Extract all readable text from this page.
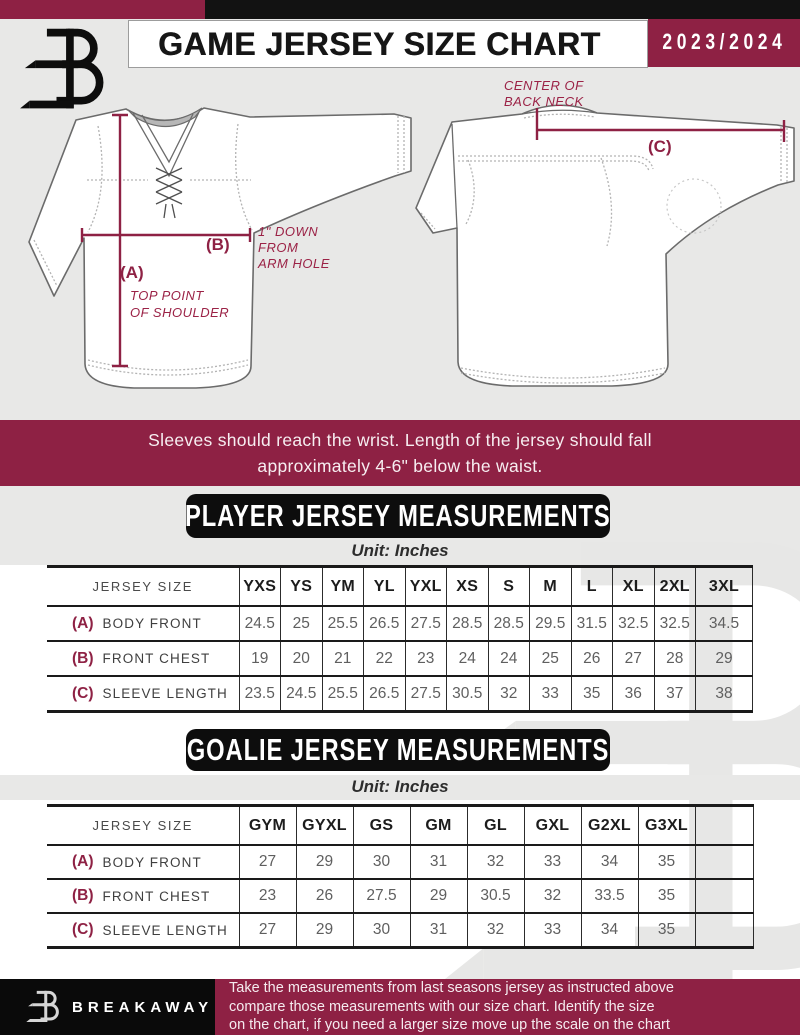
GAME JERSEY SIZE CHART	2023/2024
(B)
1" DOWN
FROM
ARM HOLE
(A)
TOP POINT
OF SHOULDER
(C)
CENTER OF
BACK NECK
Sleeves should reach the wrist. Length of the jersey should fall
approximately 4-6" below the waist.
PLAYER JERSEY MEASUREMENTS
Unit: Inches
JERSEY SIZE	YXS	YS	YM	YL	YXL	XS	S	M	L	XL	2XL	3XL

(A) BODY FRONT	24.5	25	25.5	26.5	27.5	28.5	28.5	29.5	31.5	32.5	32.5	34.5

(B) FRONT CHEST	19	20	21	22	23	24	24	25	26	27	28	29

(C) SLEEVE LENGTH	23.5	24.5	25.5	26.5	27.5	30.5	32	33	35	36	37	38
GOALIE JERSEY MEASUREMENTS
Unit: Inches
JERSEY SIZE	GYM	GYXL	GS	GM	GL	GXL	G2XL	G3XL	

(A) BODY FRONT	27	29	30	31	32	33	34	35	

(B) FRONT CHEST	23	26	27.5	29	30.5	32	33.5	35	

(C) SLEEVE LENGTH	27	29	30	31	32	33	34	35	
BREAKAWAY
Take the measurements from last seasons jersey as instructed above
compare those measurements with our size chart. Identify the size
on the chart, if you need a larger size move up the scale on the chart
